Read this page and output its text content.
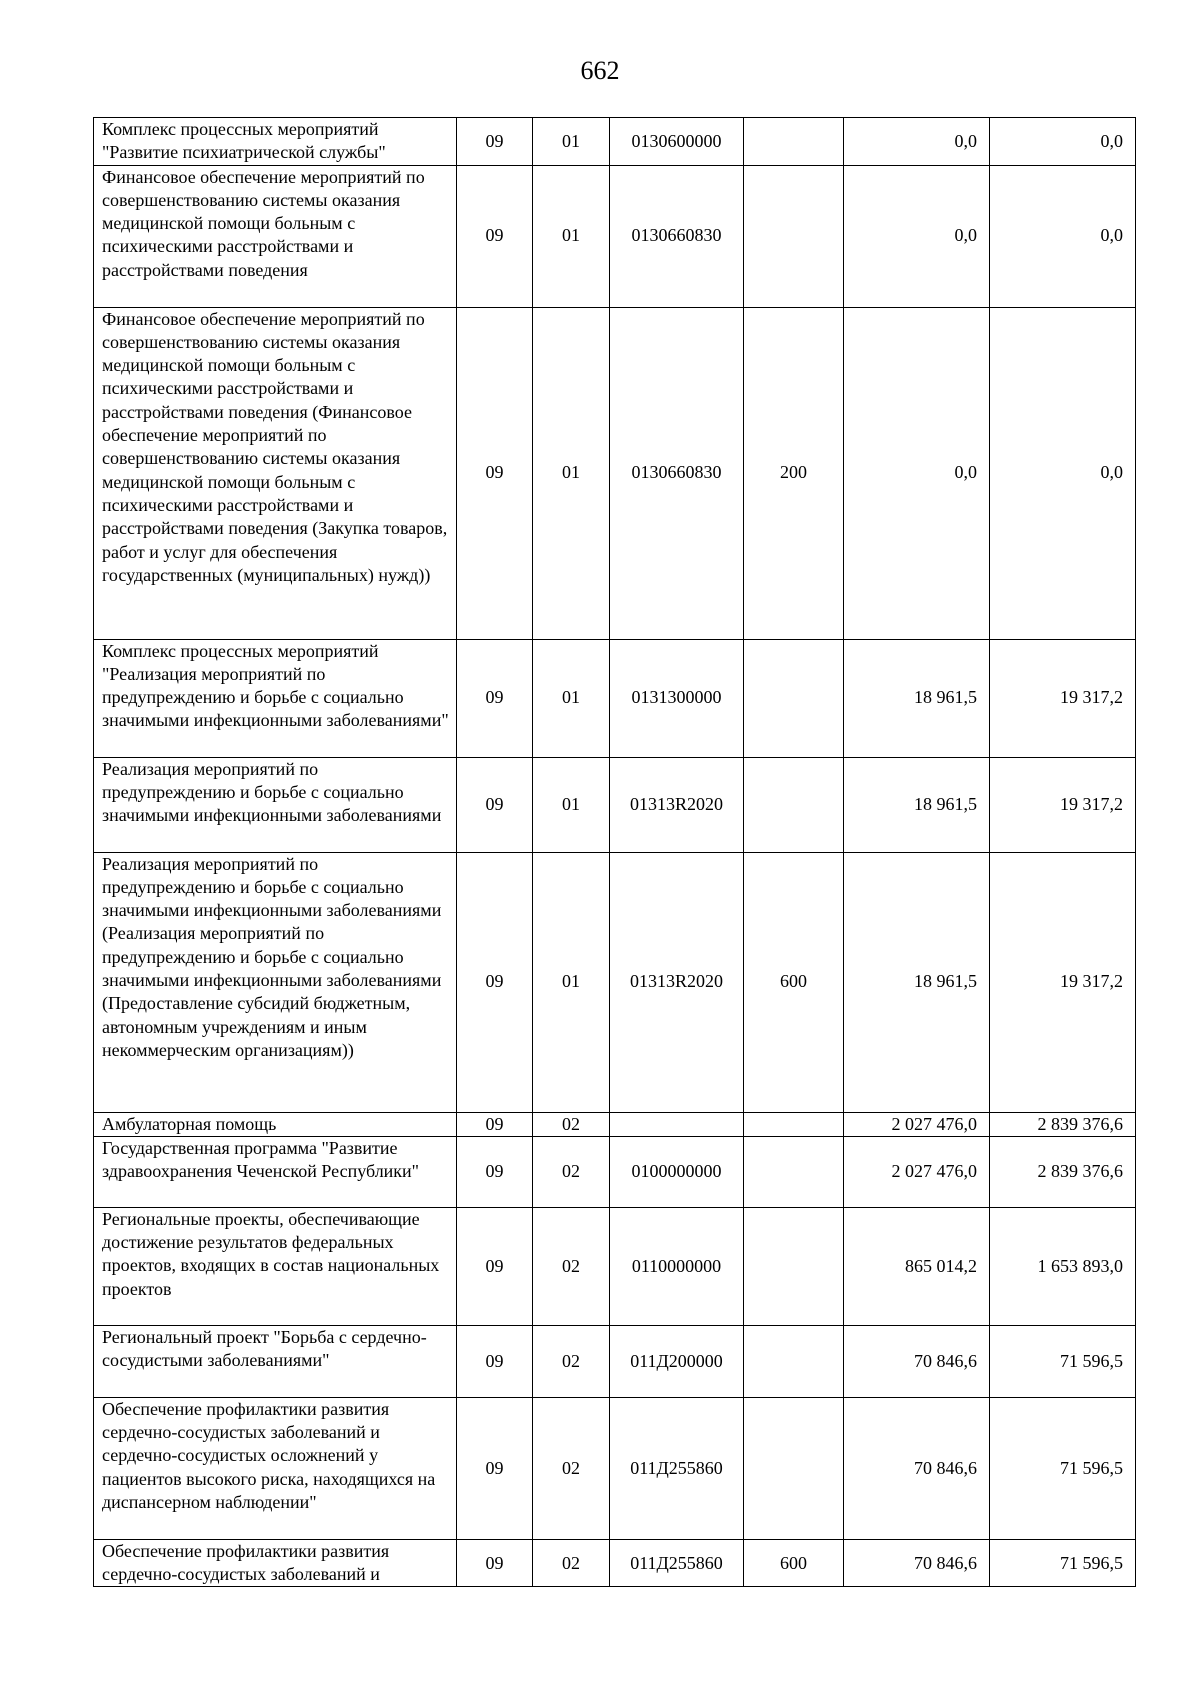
662
Комплекс процессных мероприятий "Развитие психиатрической службы"	09	01	0130600000		0,0	0,0
Финансовое обеспечение мероприятий по совершенствованию системы оказания медицинской помощи больным с психическими расстройствами и расстройствами поведения	09	01	0130660830		0,0	0,0
Финансовое обеспечение мероприятий по совершенствованию системы оказания медицинской помощи больным с психическими расстройствами и расстройствами поведения (Финансовое обеспечение мероприятий по совершенствованию системы оказания медицинской помощи больным с психическими расстройствами и расстройствами поведения (Закупка товаров, работ и услуг для обеспечения государственных (муниципальных) нужд))	09	01	0130660830	200	0,0	0,0
Комплекс процессных мероприятий "Реализация мероприятий по предупреждению и борьбе с социально значимыми инфекционными заболеваниями"	09	01	0131300000		18 961,5	19 317,2
Реализация мероприятий по предупреждению и борьбе с социально значимыми инфекционными заболеваниями	09	01	01313R2020		18 961,5	19 317,2
Реализация мероприятий по предупреждению и борьбе с социально значимыми инфекционными заболеваниями (Реализация мероприятий по предупреждению и борьбе с социально значимыми инфекционными заболеваниями (Предоставление субсидий бюджетным, автономным учреждениям и иным некоммерческим организациям))	09	01	01313R2020	600	18 961,5	19 317,2
Амбулаторная помощь	09	02			2 027 476,0	2 839 376,6
Государственная программа "Развитие здравоохранения Чеченской Республики"	09	02	0100000000		2 027 476,0	2 839 376,6
Региональные проекты, обеспечивающие достижение результатов федеральных проектов, входящих в состав национальных проектов	09	02	0110000000		865 014,2	1 653 893,0
Региональный проект "Борьба с сердечно-сосудистыми заболеваниями"	09	02	011Д200000		70 846,6	71 596,5
Обеспечение профилактики развития сердечно-сосудистых заболеваний и сердечно-сосудистых осложнений у пациентов высокого риска, находящихся на диспансерном наблюдении"	09	02	011Д255860		70 846,6	71 596,5
Обеспечение профилактики развития сердечно-сосудистых заболеваний и	09	02	011Д255860	600	70 846,6	71 596,5
